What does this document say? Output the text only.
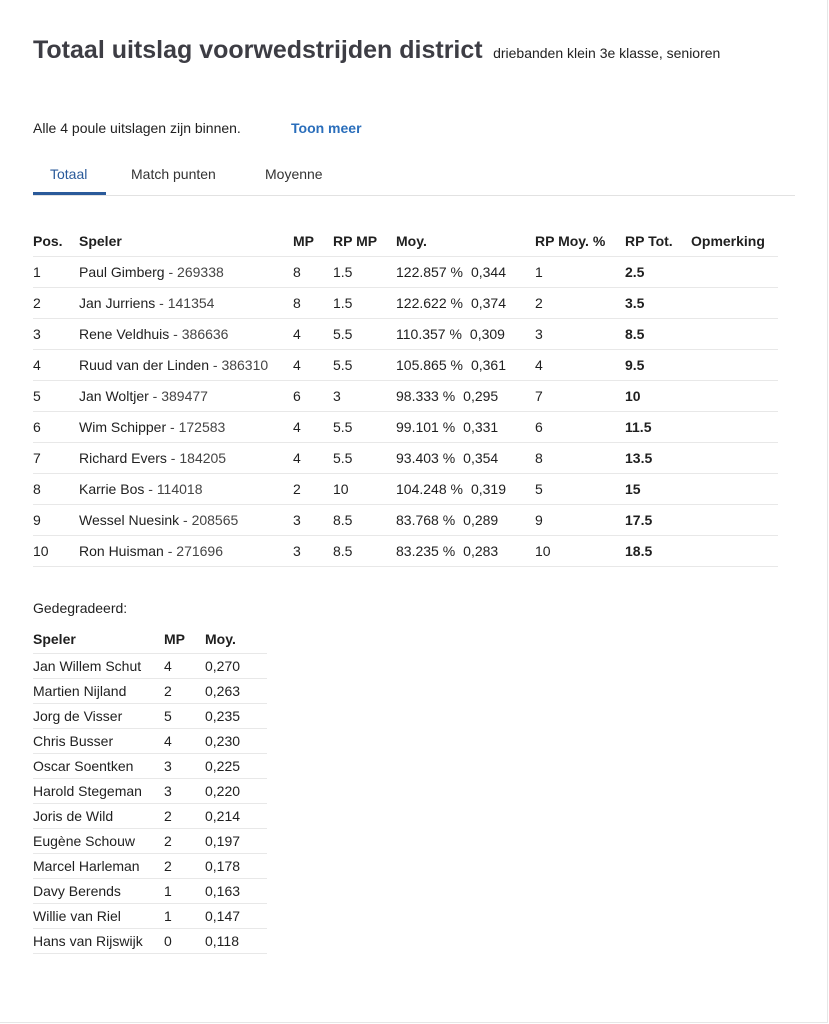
Totaal uitslag voorwedstrijden district driebanden klein 3e klasse, senioren
Alle 4 poule uitslagen zijn binnen.	Toon meer
Totaal	Match punten	Moyenne
Pos.	Speler	MP	RP MP	Moy.	RP Moy. %	RP Tot.	Opmerking
1	Paul Gimberg - 269338	8	1.5	122.857 % 0,344	1	2.5	
2	Jan Jurriens - 141354	8	1.5	122.622 % 0,374	2	3.5	
3	Rene Veldhuis - 386636	4	5.5	110.357 % 0,309	3	8.5	
4	Ruud van der Linden - 386310	4	5.5	105.865 % 0,361	4	9.5	
5	Jan Woltjer - 389477	6	3	98.333 % 0,295	7	10	
6	Wim Schipper - 172583	4	5.5	99.101 % 0,331	6	11.5	
7	Richard Evers - 184205	4	5.5	93.403 % 0,354	8	13.5	
8	Karrie Bos - 114018	2	10	104.248 % 0,319	5	15	
9	Wessel Nuesink - 208565	3	8.5	83.768 % 0,289	9	17.5	
10	Ron Huisman - 271696	3	8.5	83.235 % 0,283	10	18.5	
Gedegradeerd:
Speler	MP	Moy.
Jan Willem Schut	4	0,270
Martien Nijland	2	0,263
Jorg de Visser	5	0,235
Chris Busser	4	0,230
Oscar Soentken	3	0,225
Harold Stegeman	3	0,220
Joris de Wild	2	0,214
Eugène Schouw	2	0,197
Marcel Harleman	2	0,178
Davy Berends	1	0,163
Willie van Riel	1	0,147
Hans van Rijswijk	0	0,118
